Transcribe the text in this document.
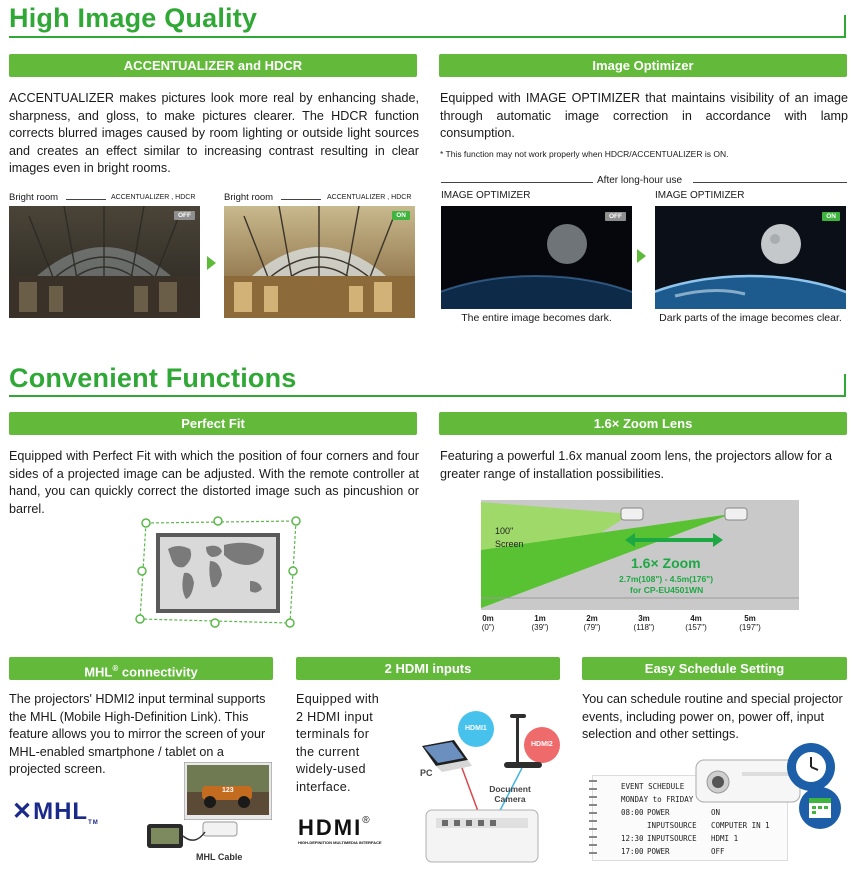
High Image Quality
ACCENTUALIZER and HDCR
ACCENTUALIZER makes pictures look more real by enhancing shade, sharpness, and gloss, to make pictures clearer. The HDCR function corrects blurred images caused by room lighting or outside light sources and creates an effect similar to increasing contrast resulting in clear images even in bright rooms.
Bright room	ACCENTUALIZER , HDCR
OFF
Bright room	ACCENTUALIZER , HDCR
ON
Image Optimizer
Equipped with IMAGE OPTIMIZER that maintains visibility of an image through automatic image correction in accordance with lamp consumption.
* This function may not work properly when HDCR/ACCENTUALIZER is ON.
After long-hour use
IMAGE OPTIMIZER
OFF
The entire image becomes dark.
IMAGE OPTIMIZER
ON
Dark parts of the image becomes clear.
Convenient Functions
Perfect Fit
Equipped with Perfect Fit with which the position of four corners and four sides of a projected image can be adjusted. With the remote controller at hand, you can quickly correct the distorted image such as pincushion or barrel.
1.6× Zoom Lens
Featuring a powerful 1.6x manual zoom lens, the projectors allow for a greater range of installation possibilities.
100"
Screen
1.6× Zoom
2.7m(108") - 4.5m(176")
for CP-EU4501WN
0m
(0")
1m
(39")
2m
(79")
3m
(118")
4m
(157")
5m
(197")
MHL® connectivity
The projectors' HDMI2 input terminal supports the MHL (Mobile High-Definition Link). This feature allows you to mirror the screen of your MHL-enabled smartphone / tablet on a projected screen.
✕MHLTM
123
MHL Cable
2 HDMI inputs
Equipped with 2 HDMI input terminals for the current widely-used interface.
HDMI®
HIGH-DEFINITION MULTIMEDIA INTERFACE
HDMI1
HDMI2
PC
Document Camera
Easy Schedule Setting
You can schedule routine and special projector events, including power on, power off, input selection and other settings.
EVENT SCHEDULE
MONDAY to FRIDAY
08:00 POWER	ON
INPUTSOURCE COMPUTER IN 1
12:30 INPUTSOURCE HDMI 1
17:00 POWER	OFF
